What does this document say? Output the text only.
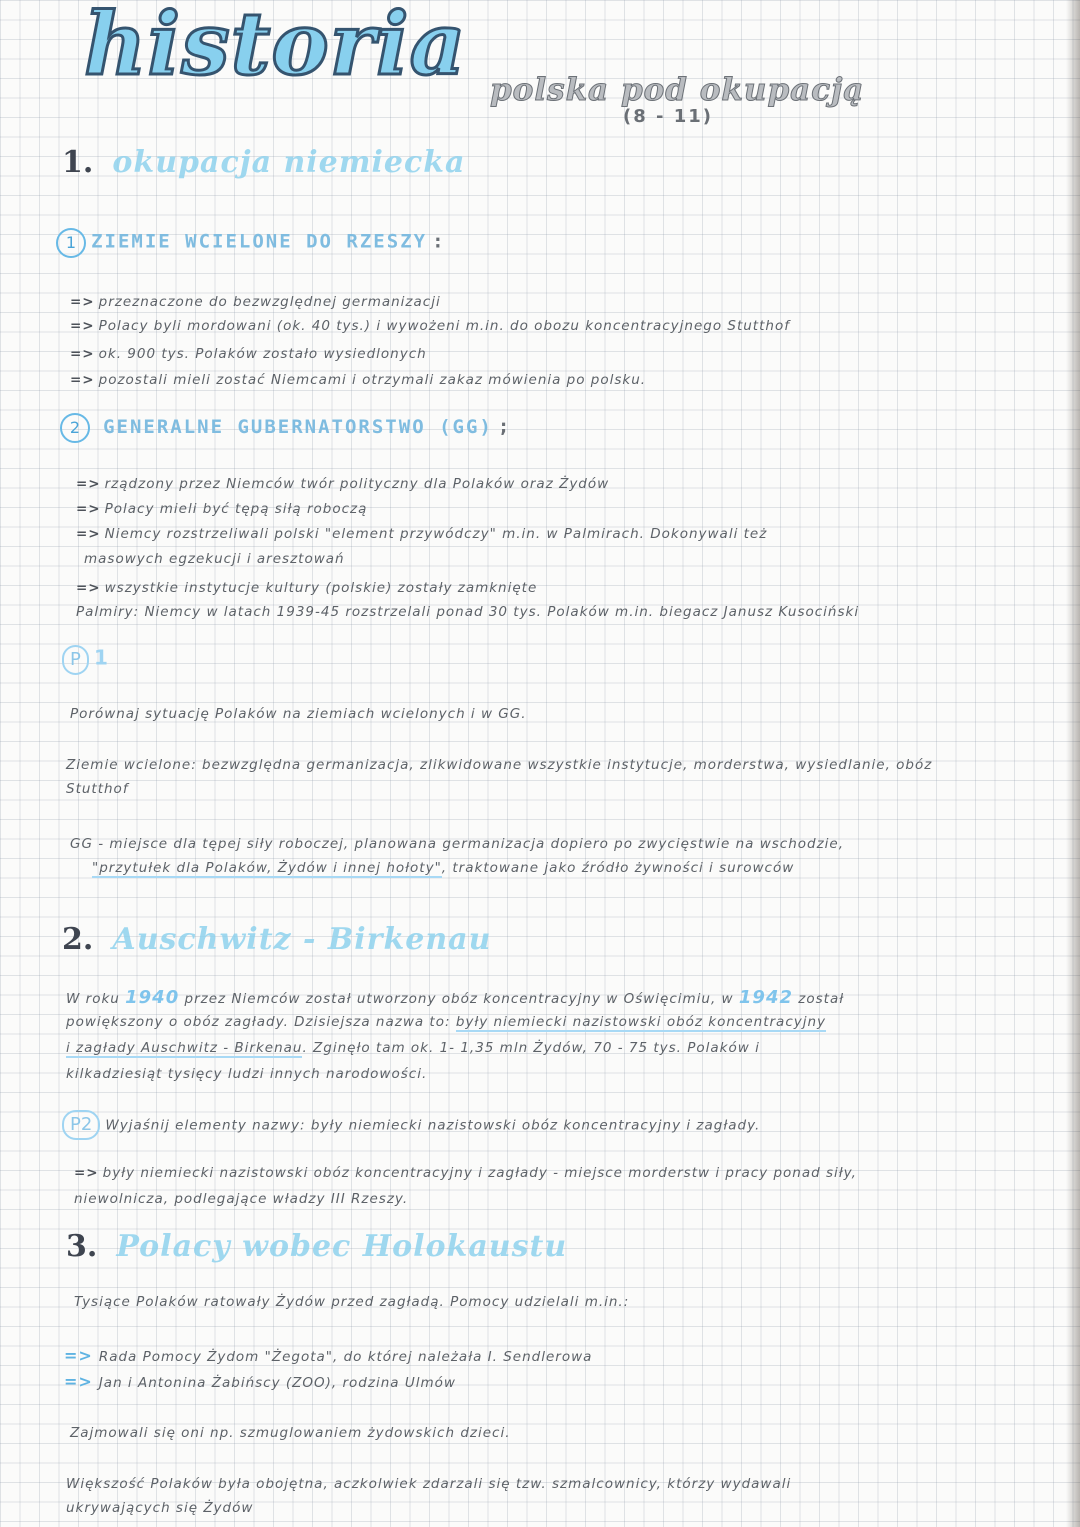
historia polska pod okupacją
(8 - 11)
1. okupacja niemiecka
1 ZIEMIE WCIELONE DO RZESZY :
=> przeznaczone do bezwzględnej germanizacji
=> Polacy byli mordowani (ok. 40 tys.) i wywożeni m.in. do obozu koncentracyjnego Stutthof
=> ok. 900 tys. Polaków zostało wysiedlonych
=> pozostali mieli zostać Niemcami i otrzymali zakaz mówienia po polsku.
2 GENERALNE GUBERNATORSTWO (GG) ;
=> rządzony przez Niemców twór polityczny dla Polaków oraz Żydów
=> Polacy mieli być tępą siłą roboczą
=> Niemcy rozstrzeliwali polski "element przywódczy" m.in. w Palmirach. Dokonywali też
masowych egzekucji i aresztowań
=> wszystkie instytucje kultury (polskie) zostały zamknięte
Palmiry: Niemcy w latach 1939-45 rozstrzelali ponad 30 tys. Polaków m.in. biegacz Janusz Kusociński
P 1
Porównaj sytuację Polaków na ziemiach wcielonych i w GG.
Ziemie wcielone: bezwzględna germanizacja, zlikwidowane wszystkie instytucje, morderstwa, wysiedlanie, obóz
Stutthof
GG - miejsce dla tępej siły roboczej, planowana germanizacja dopiero po zwycięstwie na wschodzie,
"przytułek dla Polaków, Żydów i innej hołoty", traktowane jako źródło żywności i surowców
2. Auschwitz - Birkenau
W roku 1940 przez Niemców został utworzony obóz koncentracyjny w Oświęcimiu, w 1942 został
powiększony o obóz zagłady. Dzisiejsza nazwa to: były niemiecki nazistowski obóz koncentracyjny
i zagłady Auschwitz - Birkenau. Zginęło tam ok. 1- 1,35 mln Żydów, 70 - 75 tys. Polaków i
kilkadziesiąt tysięcy ludzi innych narodowości.
P2 Wyjaśnij elementy nazwy: były niemiecki nazistowski obóz koncentracyjny i zagłady.
=> były niemiecki nazistowski obóz koncentracyjny i zagłady - miejsce morderstw i pracy ponad siły,
niewolnicza, podlegające władzy III Rzeszy.
3. Polacy wobec Holokaustu
Tysiące Polaków ratowały Żydów przed zagładą. Pomocy udzielali m.in.:
=> Rada Pomocy Żydom "Żegota", do której należała I. Sendlerowa
=> Jan i Antonina Żabińscy (ZOO), rodzina Ulmów
Zajmowali się oni np. szmuglowaniem żydowskich dzieci.
Większość Polaków była obojętna, aczkolwiek zdarzali się tzw. szmalcownicy, którzy wydawali
ukrywających się Żydów
